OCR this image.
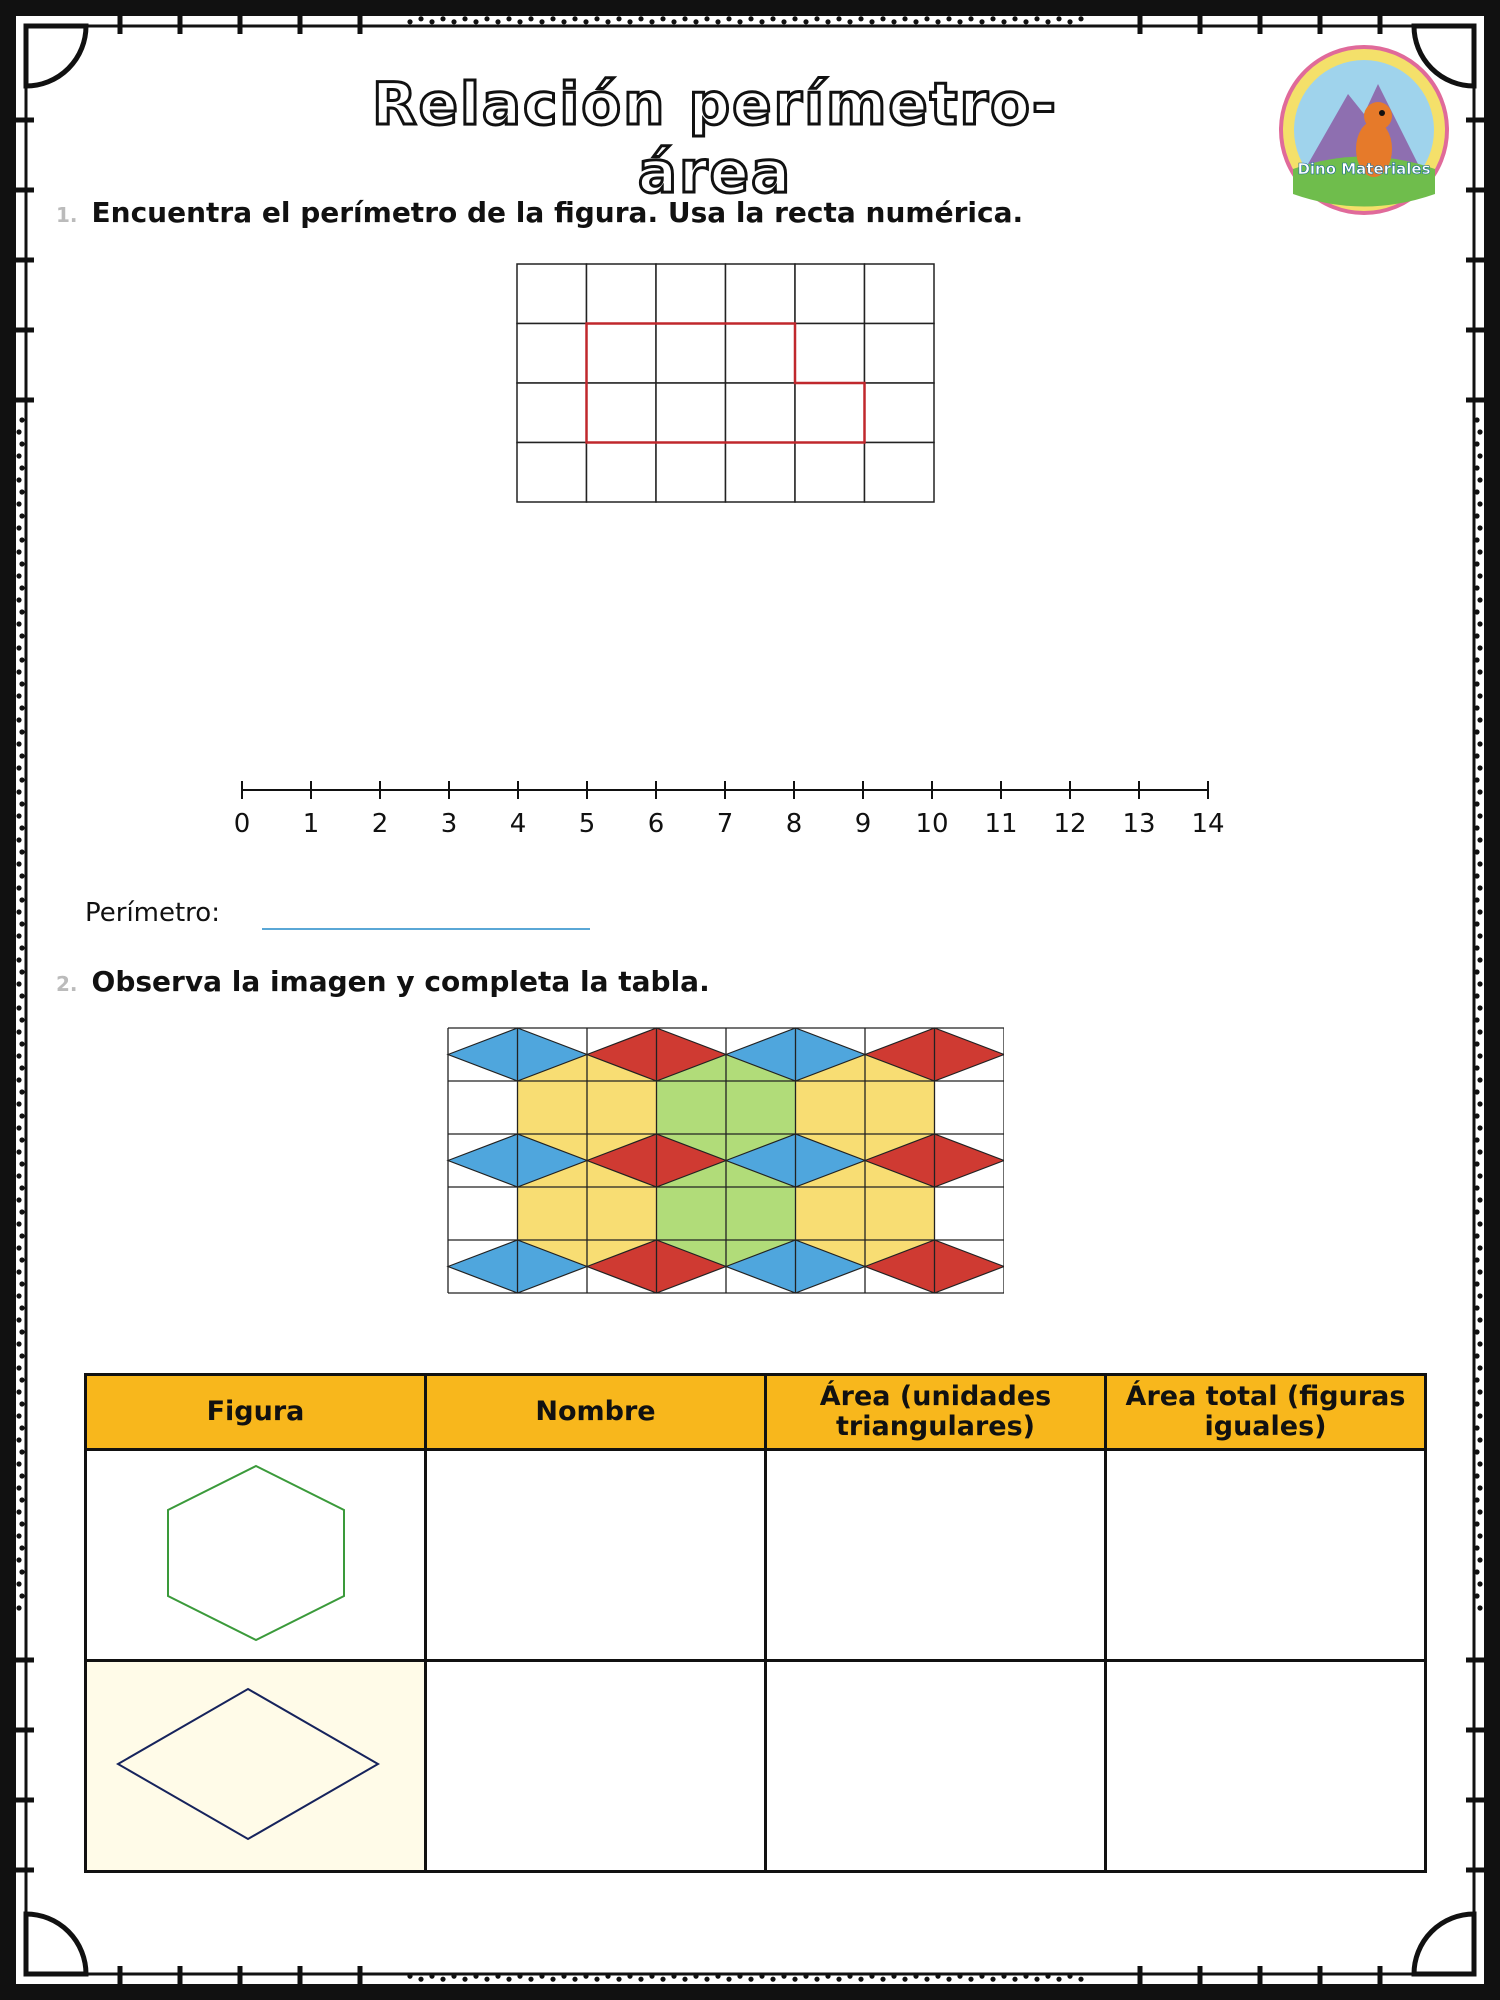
Relación perímetro-área	Dino Materiales
1. Encuentra el perímetro de la figura. Usa la recta numérica.
0 1 2 3 4 5 6 7 8 9 10 11 12 13 14
Perímetro:
2. Observa la imagen y completa la tabla.
Figura	Nombre	Área (unidades triangulares)	Área total (figuras iguales)
